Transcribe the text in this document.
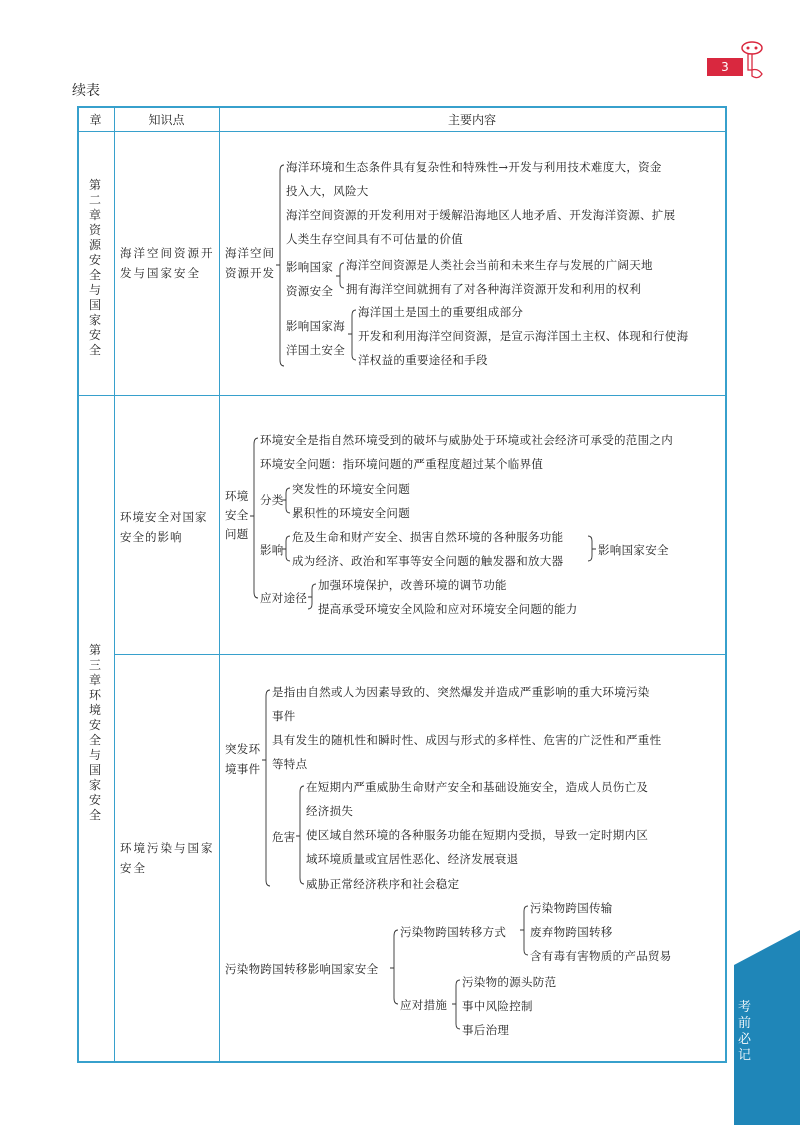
3
续表
章	知识点	主要内容
第二章 资源安全与国家安全
第三章 环境安全与国家安全
海洋空间资源开发与国家安全
海洋空间资源开发
海洋环境和生态条件具有复杂性和特殊性→开发与利用技术难度大，资金
投入大，风险大
海洋空间资源的开发利用对于缓解沿海地区人地矛盾、开发海洋资源、扩展
人类生存空间具有不可估量的价值
影响国家资源安全
海洋空间资源是人类社会当前和未来生存与发展的广阔天地
拥有海洋空间就拥有了对各种海洋资源开发和利用的权利
影响国家海洋国土安全
海洋国土是国土的重要组成部分
开发和利用海洋空间资源，是宣示海洋国土主权、体现和行使海
洋权益的重要途径和手段
环境安全对国家安全的影响
环境安全问题
环境安全是指自然环境受到的破坏与威胁处于环境或社会经济可承受的范围之内
环境安全问题：指环境问题的严重程度超过某个临界值
分类
突发性的环境安全问题
累积性的环境安全问题
影响
危及生命和财产安全、损害自然环境的各种服务功能
成为经济、政治和军事等安全问题的触发器和放大器
影响国家安全
应对途径
加强环境保护，改善环境的调节功能
提高承受环境安全风险和应对环境安全问题的能力
环境污染与国家安全
突发环境事件
是指由自然或人为因素导致的、突然爆发并造成严重影响的重大环境污染
事件
具有发生的随机性和瞬时性、成因与形式的多样性、危害的广泛性和严重性
等特点
危害
在短期内严重威胁生命财产安全和基础设施安全，造成人员伤亡及
经济损失
使区域自然环境的各种服务功能在短期内受损，导致一定时期内区
域环境质量或宜居性恶化、经济发展衰退
威胁正常经济秩序和社会稳定
污染物跨国转移影响国家安全
污染物跨国转移方式
污染物跨国传输
废弃物跨国转移
含有毒有害物质的产品贸易
应对措施
污染物的源头防范
事中风险控制
事后治理
考前必记
